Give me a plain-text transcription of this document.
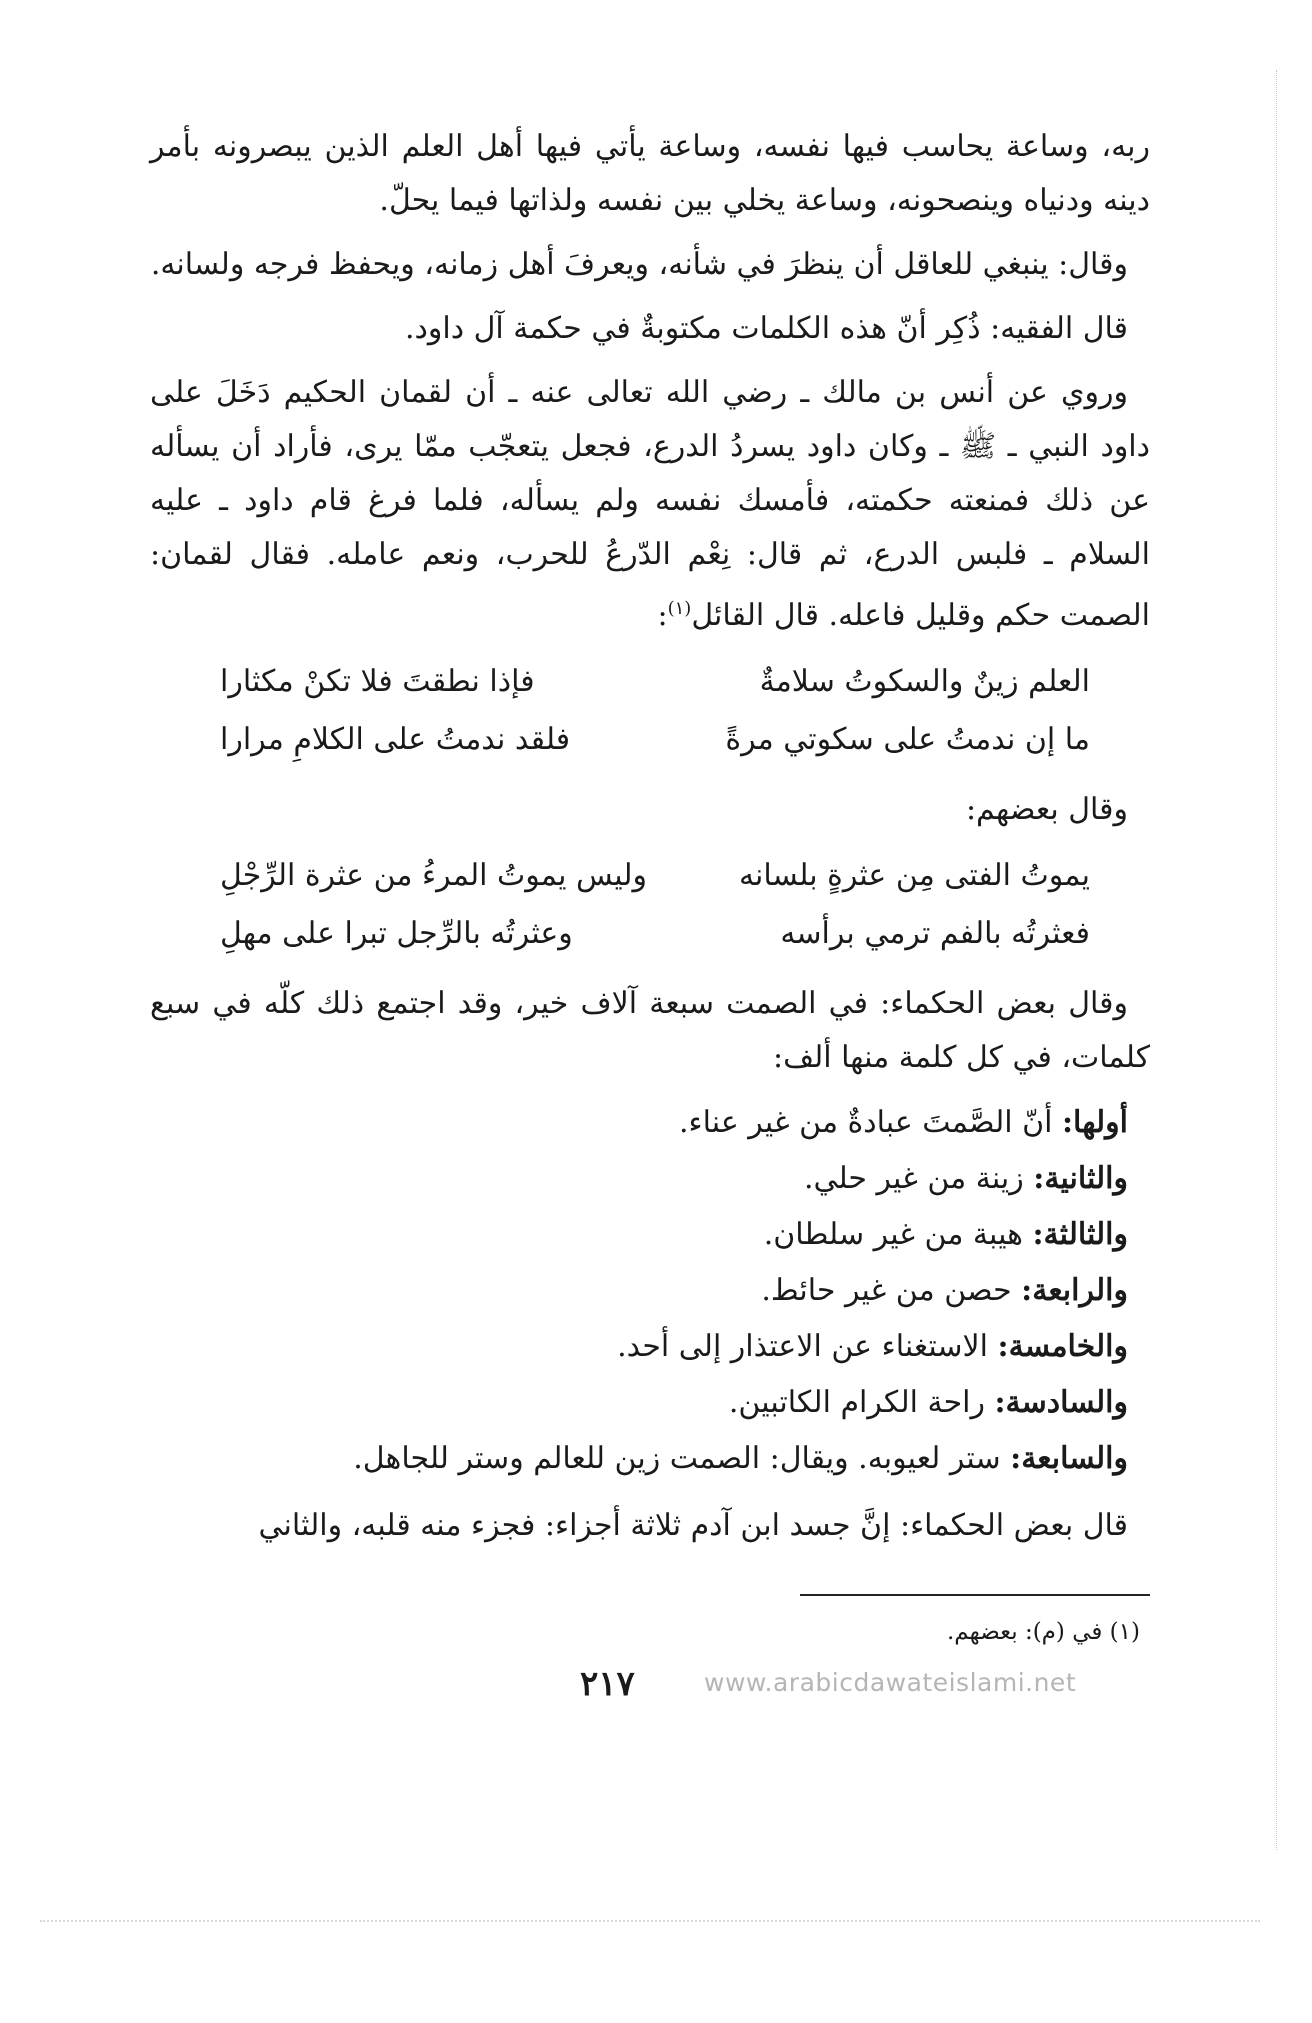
ربه، وساعة يحاسب فيها نفسه، وساعة يأتي فيها أهل العلم الذين يبصرونه بأمر دينه ودنياه وينصحونه، وساعة يخلي بين نفسه ولذاتها فيما يحلّ.

وقال: ينبغي للعاقل أن ينظرَ في شأنه، ويعرفَ أهل زمانه، ويحفظ فرجه ولسانه.

قال الفقيه: ذُكِر أنّ هذه الكلمات مكتوبةٌ في حكمة آل داود.

وروي عن أنس بن مالك ـ رضي الله تعالى عنه ـ أن لقمان الحكيم دَخَلَ على داود النبي ـ ﷺ ـ وكان داود يسردُ الدرع، فجعل يتعجّب ممّا يرى، فأراد أن يسأله عن ذلك فمنعته حكمته، فأمسك نفسه ولم يسأله، فلما فرغ قام داود ـ عليه السلام ـ فلبس الدرع، ثم قال: نِعْم الدّرعُ للحرب، ونعم عامله. فقال لقمان: الصمت حكم وقليل فاعله. قال القائل$^{(١)}$:

العلم زينٌ والسكوتُ سلامةٌ
فإذا نطقتَ فلا تكنْ مكثارا
ما إن ندمتُ على سكوتي مرةً
فلقد ندمتُ على الكلامِ مرارا

وقال بعضهم:

يموتُ الفتى مِن عثرةٍ بلسانه
وليس يموتُ المرءُ من عثرة الرِّجْلِ
فعثرتُه بالفم ترمي برأسه
وعثرتُه بالرِّجل تبرا على مهلِ

وقال بعض الحكماء: في الصمت سبعة آلاف خير، وقد اجتمع ذلك كلّه في سبع كلمات، في كل كلمة منها ألف:

أولها: أنّ الصَّمتَ عبادةٌ من غير عناء.
والثانية: زينة من غير حلي.
والثالثة: هيبة من غير سلطان.
والرابعة: حصن من غير حائط.
والخامسة: الاستغناء عن الاعتذار إلى أحد.
والسادسة: راحة الكرام الكاتبين.
والسابعة: ستر لعيوبه. ويقال: الصمت زين للعالم وستر للجاهل.

قال بعض الحكماء: إنَّ جسد ابن آدم ثلاثة أجزاء: فجزء منه قلبه، والثاني

(١) في (م): بعضهم.
٢١٧	www.arabicdawateislami.net
